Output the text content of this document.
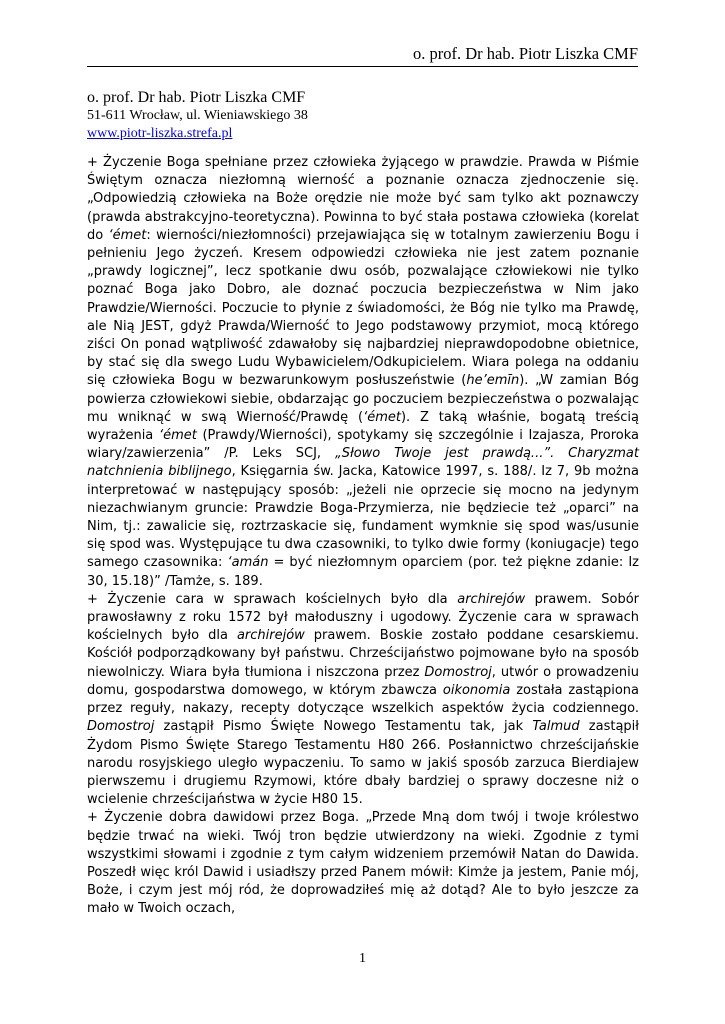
o. prof. Dr hab. Piotr Liszka CMF
o. prof. Dr hab. Piotr Liszka CMF
51-611 Wrocław, ul. Wieniawskiego 38
www.piotr-liszka.strefa.pl

+ Życzenie Boga spełniane przez człowieka żyjącego w prawdzie. Prawda w Piśmie Świętym oznacza niezłomną wierność a poznanie oznacza zjednoczenie się. „Odpowiedzią człowieka na Boże orędzie nie może być sam tylko akt poznawczy (prawda abstrakcyjno-teoretyczna). Powinna to być stała postawa człowieka (korelat do ‘émet: wierności/niezłomności) przejawiająca się w totalnym zawierzeniu Bogu i pełnieniu Jego życzeń. Kresem odpowiedzi człowieka nie jest zatem poznanie „prawdy logicznej”, lecz spotkanie dwu osób, pozwalające człowiekowi nie tylko poznać Boga jako Dobro, ale doznać poczucia bezpieczeństwa w Nim jako Prawdzie/Wierności. Poczucie to płynie z świadomości, że Bóg nie tylko ma Prawdę, ale Nią JEST, gdyż Prawda/Wierność to Jego podstawowy przymiot, mocą którego ziści On ponad wątpliwość zdawałoby się najbardziej nieprawdopodobne obietnice, by stać się dla swego Ludu Wybawicielem/Odkupicielem. Wiara polega na oddaniu się człowieka Bogu w bezwarunkowym posłuszeństwie (he’emīn). „W zamian Bóg powierza człowiekowi siebie, obdarzając go poczuciem bezpieczeństwa o pozwalając mu wniknąć w swą Wierność/Prawdę (‘émet). Z taką właśnie, bogatą treścią wyrażenia ‘émet (Prawdy/Wierności), spotykamy się szczególnie i Izajasza, Proroka wiary/zawierzenia” /P. Leks SCJ, „Słowo Twoje jest prawdą...”. Charyzmat natchnienia biblijnego, Księgarnia św. Jacka, Katowice 1997, s. 188/. Iz 7, 9b można interpretować w następujący sposób: „jeżeli nie oprzecie się mocno na jedynym niezachwianym gruncie: Prawdzie Boga-Przymierza, nie będziecie też „oparci” na Nim, tj.: zawalicie się, roztrzaskacie się, fundament wymknie się spod was/usunie się spod was. Występujące tu dwa czasowniki, to tylko dwie formy (koniugacje) tego samego czasownika: ‘amán = być niezłomnym oparciem (por. też piękne zdanie: Iz 30, 15.18)” /Tamże, s. 189.

+ Życzenie cara w sprawach kościelnych było dla archirejów prawem. Sobór prawosławny z roku 1572 był małoduszny i ugodowy. Życzenie cara w sprawach kościelnych było dla archirejów prawem. Boskie zostało poddane cesarskiemu. Kościół podporządkowany był państwu. Chrześcijaństwo pojmowane było na sposób niewolniczy. Wiara była tłumiona i niszczona przez Domostroj, utwór o prowadzeniu domu, gospodarstwa domowego, w którym zbawcza oikonomia została zastąpiona przez reguły, nakazy, recepty dotyczące wszelkich aspektów życia codziennego. Domostroj zastąpił Pismo Święte Nowego Testamentu tak, jak Talmud zastąpił Żydom Pismo Święte Starego Testamentu H80 266. Posłannictwo chrześcijańskie narodu rosyjskiego uległo wypaczeniu. To samo w jakiś sposób zarzuca Bierdiajew pierwszemu i drugiemu Rzymowi, które dbały bardziej o sprawy doczesne niż o wcielenie chrześcijaństwa w życie H80 15.

+ Życzenie dobra dawidowi przez Boga. „Przede Mną dom twój i twoje królestwo będzie trwać na wieki. Twój tron będzie utwierdzony na wieki. Zgodnie z tymi wszystkimi słowami i zgodnie z tym całym widzeniem przemówił Natan do Dawida. Poszedł więc król Dawid i usiadłszy przed Panem mówił: Kimże ja jestem, Panie mój, Boże, i czym jest mój ród, że doprowadziłeś mię aż dotąd? Ale to było jeszcze za mało w Twoich oczach,

1
